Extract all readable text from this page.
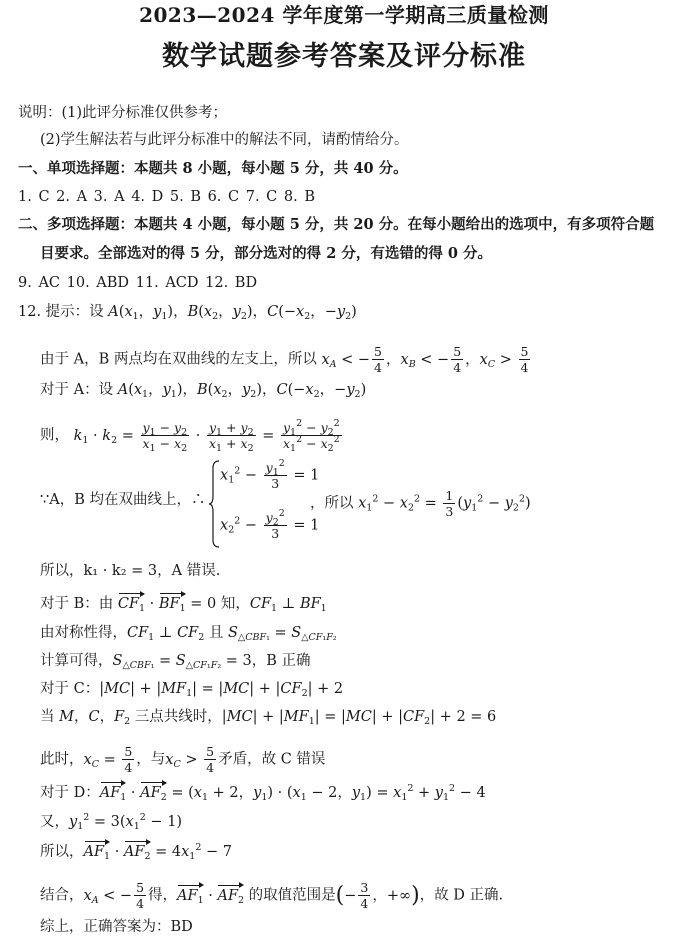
2023—2024 学年度第一学期高三质量检测
数学试题参考答案及评分标准
说明：(1)此评分标准仅供参考；
(2)学生解法若与此评分标准中的解法不同，请酌情给分。
一、单项选择题：本题共 8 小题，每小题 5 分，共 40 分。
1. C 2. A 3. A 4. D 5. B 6. C 7. C 8. B
二、多项选择题：本题共 4 小题，每小题 5 分，共 20 分。在每小题给出的选项中，有多项符合题
目要求。全部选对的得 5 分，部分选对的得 2 分，有选错的得 0 分。
9. AC 10. ABD 11. ACD 12. BD
12. 提示：设 $A(x_1$，$y_1$)，$B(x_2$，$y_2$)，$C(-x_2$，$-y_2$)
由于 A，B 两点均在双曲线的左支上，所以 $x_A$ < − $\frac{5}{4}$ ，$x_B$ < − $\frac{5}{4}$ ，$x_C > \frac{5}{4}$
对于 A：设 $A(x_1$，$y_1$)，$B(x_2$，$y_2$)，$C(-x_2$，$-y_2$)
则， $k_1 \cdot k_2 = \frac{y_1 - y_2}{x_1 - x_2} \cdot \frac{y_1 + y_2}{x_1 + x_2} = \frac{y_1^2 - y_2^2}{x_1^2 - x_2^2}$
∵A，B 均在双曲线上，∴
$x_1^2 - \frac{y_1^2}{3} = 1$
$x_2^2 - \frac{y_2^2}{3} = 1$
，所以 $x_1^2 - x_2^2 = \frac{1}{3} (y_1^2 - y_2^2)$
所以，k₁ · k₂ = 3，A 错误.
对于 B：由 $CF_1 \cdot BF_1 = 0$ 知，$CF_1$ ⊥ $BF_1$
由对称性得，$CF_1$ ⊥ $CF_2$ 且 $S_{\triangle CBF_1} = S_{\triangle CF_1F_2}$
计算可得，$S_{\triangle CBF_1} = S_{\triangle CF_1F_2} = 3$，B 正确
对于 C：$|MC| + |MF_1| = |MC| + |CF_2| + 2$
当 M，C，$F_2$ 三点共线时，$|MC| + |MF_1| = |MC| + |CF_2| + 2 = 6$
此时，$x_C = \frac{5}{4}$ ，与$x_C > \frac{5}{4}$ 矛盾，故 C 错误
对于 D：$AF_1 \cdot AF_2 = (x_1 + 2$，$y_1) \cdot (x_1 - 2$，$y_1) = x_1^2 + y_1^2 - 4$
又，$y_1^2 = 3(x_1^2 - 1)$
所以，$AF_1 \cdot AF_2 = 4x_1^2 - 7$
结合，$x_A$ < − $\frac{5}{4}$ 得，$AF_1 \cdot AF_2$ 的取值范围是(− $\frac{3}{4}$ ，+∞)，故 D 正确.
综上，正确答案为：BD
